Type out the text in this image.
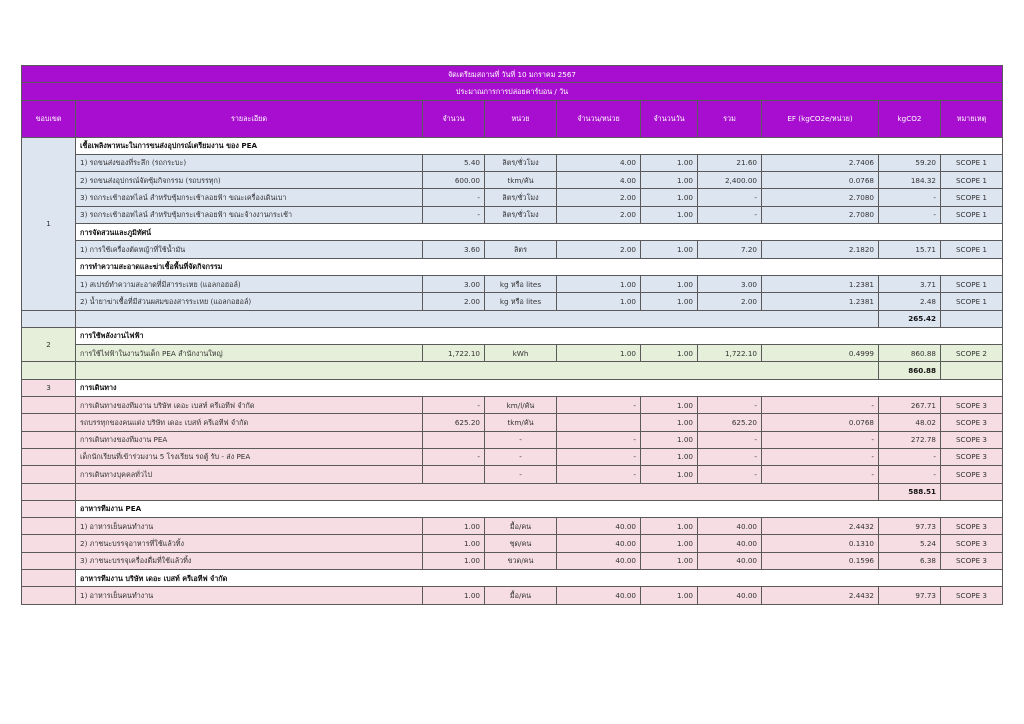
จัดเตรียมสถานที่ วันที่ 10 มกราคม 2567									
ประมาณการการปล่อยคาร์บอน / วัน									
ขอบเขต	รายละเอียด	จำนวน	หน่วย	จำนวน/หน่วย	จำนวนวัน	รวม	EF (kgCO2e/หน่วย)	kgCO2	หมายเหตุ
1	เชื้อเพลิงพาหนะในการขนส่งอุปกรณ์เตรียมงาน ของ PEA								
	1) รถขนส่งของที่ระลึก (รถกระบะ)	5.40	ลิตร/ชั่วโมง	4.00	1.00	21.60	2.7406	59.20	SCOPE 1
	2) รถขนส่งอุปกรณ์จัดซุ้มกิจกรรม (รถบรรทุก)	600.00	tkm/คัน	4.00	1.00	2,400.00	0.0768	184.32	SCOPE 1
	3) รถกระเช้าฮอทไลน์ สำหรับซุ้มกระเช้าลอยฟ้า ขณะเครื่องเดินเบา	-	ลิตร/ชั่วโมง	2.00	1.00	-	2.7080	-	SCOPE 1
	3) รถกระเช้าฮอทไลน์ สำหรับซุ้มกระเช้าลอยฟ้า ขณะจ้างงานกระเช้า	-	ลิตร/ชั่วโมง	2.00	1.00	-	2.7080	-	SCOPE 1
	การจัดสวนและภูมิทัศน์								
	1) การใช้เครื่องตัดหญ้าที่ใช้น้ำมัน	3.60	ลิตร	2.00	1.00	7.20	2.1820	15.71	SCOPE 1
	การทำความสะอาดและฆ่าเชื้อพื้นที่จัดกิจกรรม								
	1) สเปรย์ทำความสะอาดที่มีสารระเหย (แอลกอฮอล์)	3.00	kg หรือ lites	1.00	1.00	3.00	1.2381	3.71	SCOPE 1
	2) น้ำยาฆ่าเชื้อที่มีส่วนผสมของสารระเหย (แอลกอฮอล์)	2.00	kg หรือ lites	1.00	1.00	2.00	1.2381	2.48	SCOPE 1
								265.42	
2	การใช้พลังงานไฟฟ้า								
	การใช้ไฟฟ้าในงานวันเด็ก PEA สำนักงานใหญ่	1,722.10	kWh	1.00	1.00	1,722.10	0.4999	860.88	SCOPE 2
								860.88	
3	การเดินทาง								
	การเดินทางของทีมงาน บริษัท เดอะ เบสท์ ครีเอทีฟ จำกัด	-	km/l/คัน	-	1.00	-	-	267.71	SCOPE 3
	รถบรรทุกของคนแต่ง บริษัท เดอะ เบสท์ ครีเอทีฟ จำกัด	625.20	tkm/คัน		1.00	625.20	0.0768	48.02	SCOPE 3
	การเดินทางของทีมงาน PEA		-	-	1.00	-	-	272.78	SCOPE 3
	เด็กนักเรียนที่เข้าร่วมงาน 5 โรงเรียน รถตู้ รับ - ส่ง PEA	-	-	-	1.00	-	-	-	SCOPE 3
	การเดินทางบุคคลทั่วไป		-	-	1.00	-	-	-	SCOPE 3
								588.51	
	อาหารทีมงาน PEA								
	1) อาหารเย็นคนทำงาน	1.00	มื้อ/คน	40.00	1.00	40.00	2.4432	97.73	SCOPE 3
	2) ภาชนะบรรจุอาหารที่ใช้แล้วทิ้ง	1.00	ชุด/คน	40.00	1.00	40.00	0.1310	5.24	SCOPE 3
	3) ภาชนะบรรจุเครื่องดื่มที่ใช้แล้วทิ้ง	1.00	ขวด/คน	40.00	1.00	40.00	0.1596	6.38	SCOPE 3
	อาหารทีมงาน บริษัท เดอะ เบสท์ ครีเอทีฟ จำกัด								
	1) อาหารเย็นคนทำงาน	1.00	มื้อ/คน	40.00	1.00	40.00	2.4432	97.73	SCOPE 3
